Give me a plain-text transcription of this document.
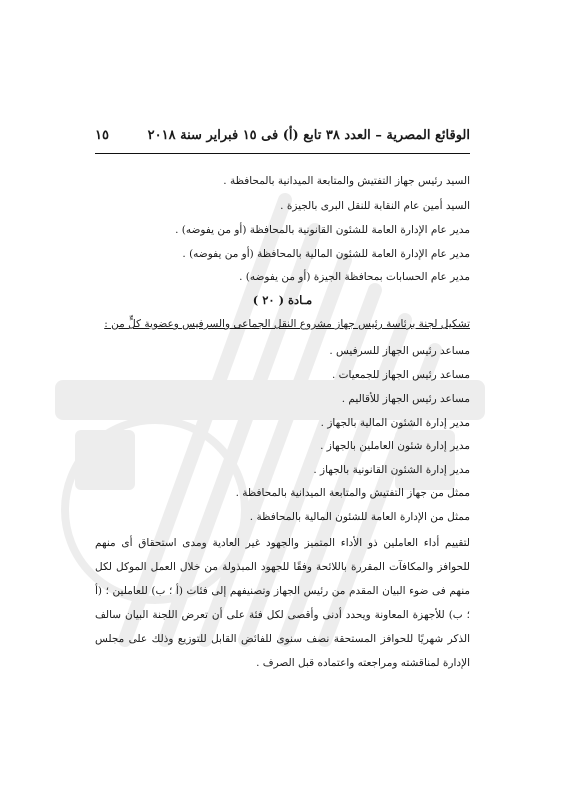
الوقائع المصرية – العدد ٣٨ تابع (أ) فى ١٥ فبراير سنة ٢٠١٨
١٥
السيد رئيس جهاز التفتيش والمتابعة الميدانية بالمحافظة .
السيد أمين عام النقابة للنقل البرى بالجيزة .
مدير عام الإدارة العامة للشئون القانونية بالمحافظة (أو من يفوضه) .
مدير عام الإدارة العامة للشئون المالية بالمحافظة (أو من يفوضه) .
مدير عام الحسابات بمحافظة الجيزة (أو من يفوضه) .
مـادة ( ٢٠ )
تشكيل لجنة برئاسة رئيس جهاز مشروع النقل الجماعى والسرفيس وعضوية كلٍّ من :
مساعد رئيس الجهاز للسرفيس .
مساعد رئيس الجهاز للجمعيات .
مساعد رئيس الجهاز للأقاليم .
مدير إدارة الشئون المالية بالجهاز .
مدير إدارة شئون العاملين بالجهاز .
مدير إدارة الشئون القانونية بالجهاز .
ممثل من جهاز التفتيش والمتابعة الميدانية بالمحافظة .
ممثل من الإدارة العامة للشئون المالية بالمحافظة .
لتقييم أداء العاملين ذو الأداء المتميز والجهود غير العادية ومدى استحقاق أى منهم للحوافز والمكافآت المقررة باللائحة وفقًا للجهود المبذولة من خلال العمل الموكل لكل منهم فى ضوء البيان المقدم من رئيس الجهاز وتصنيفهم إلى فئات (أ ؛ ب) للعاملين ؛ (أ ؛ ب) للأجهزة المعاونة ويحدد أدنى وأقصى لكل فئة على أن تعرض اللجنة البيان سالف الذكر شهريًا للحوافز المستحقة نصف سنوى للفائض القابل للتوزيع وذلك على مجلس الإدارة لمناقشته ومراجعته واعتماده قبل الصرف .
